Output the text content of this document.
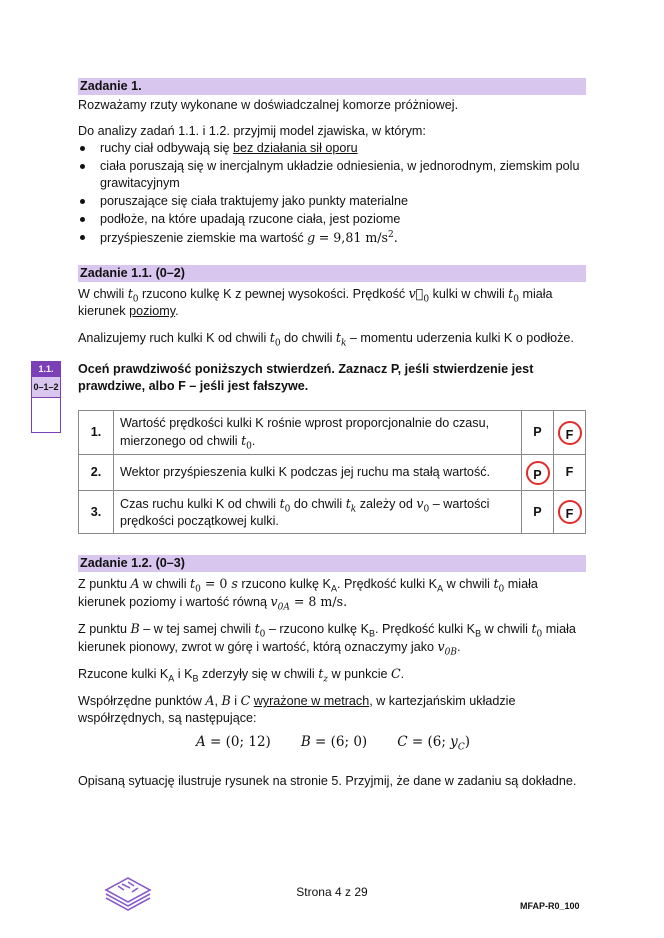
Zadanie 1.
Rozważamy rzuty wykonane w doświadczalnej komorze próżniowej.
Do analizy zadań 1.1. i 1.2. przyjmij model zjawiska, w którym:
ruchy ciał odbywają się bez działania sił oporu
ciała poruszają się w inercjalnym układzie odniesienia, w jednorodnym, ziemskim polu grawitacyjnym
poruszające się ciała traktujemy jako punkty materialne
podłoże, na które upadają rzucone ciała, jest poziome
przyśpieszenie ziemskie ma wartość g = 9,81 $m/s^2$.
Zadanie 1.1. (0–2)
W chwili $t_0$ rzucono kulkę K z pewnej wysokości. Prędkość $v⃗_0$ kulki w chwili $t_0$ miała kierunek poziomy.
Analizujemy ruch kulki K od chwili $t_0$ do chwili $t_k$ – momentu uderzenia kulki K o podłoże.
1.1.
0–1–2
Oceń prawdziwość poniższych stwierdzeń. Zaznacz P, jeśli stwierdzenie jest prawdziwe, albo F – jeśli jest fałszywe.
1.	Wartość prędkości kulki K rośnie wprost proporcjonalnie do czasu, mierzonego od chwili $t_0$.	P	F
2.	Wektor przyśpieszenia kulki K podczas jej ruchu ma stałą wartość.	P	F
3.	Czas ruchu kulki K od chwili $t_0$ do chwili $t_k$ zależy od $v_0$ – wartości prędkości początkowej kulki.	P	F
Zadanie 1.2. (0–3)
Z punktu A w chwili $t_0 = 0$ s rzucono kulkę $K_A$. Prędkość kulki $K_A$ w chwili $t_0$ miała kierunek poziomy i wartość równą $v_{0A} = 8$ m/s.
Z punktu B – w tej samej chwili $t_0$ – rzucono kulkę $K_B$. Prędkość kulki $K_B$ w chwili $t_0$ miała kierunek pionowy, zwrot w górę i wartość, którą oznaczymy jako $v_{0B}$.
Rzucone kulki $K_A$ i $K_B$ zderzyły się w chwili $t_z$ w punkcie C.
Współrzędne punktów A, B i C wyrażone w metrach, w kartezjańskim układzie współrzędnych, są następujące:
A = (0; 12) B = (6; 0) C = (6; $y_C$)
Opisaną sytuację ilustruje rysunek na stronie 5. Przyjmij, że dane w zadaniu są dokładne.
Strona 4 z 29
MFAP-R0_100
